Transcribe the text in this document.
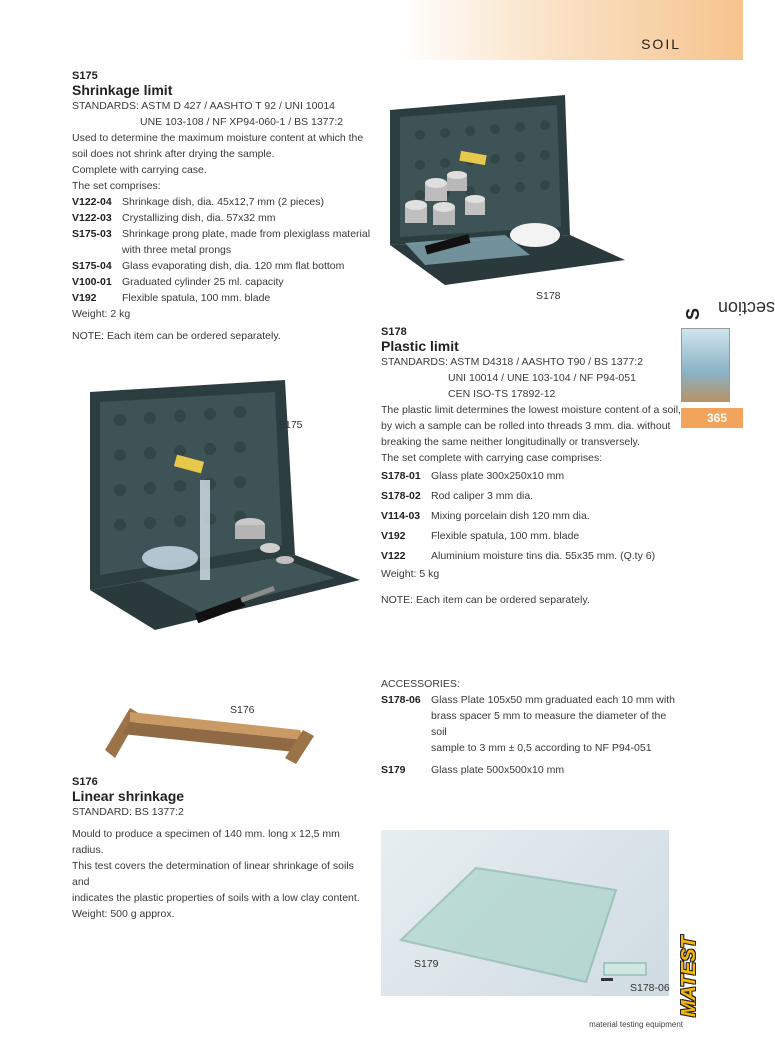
SOIL
S175
Shrinkage limit
STANDARDS: ASTM D 427 / AASHTO T 92 / UNI 10014
UNE 103-108 / NF XP94-060-1 / BS 1377:2
Used to determine the maximum moisture content at which the
soil does not shrink after drying the sample.
Complete with carrying case.
The set comprises:
V122-04 Shrinkage dish, dia. 45x12,7 mm (2 pieces)
V122-03 Crystallizing dish, dia. 57x32 mm
S175-03 Shrinkage prong plate, made from plexiglass material
with three metal prongs
S175-04 Glass evaporating dish, dia. 120 mm flat bottom
V100-01 Graduated cylinder 25 ml. capacity
V192	Flexible spatula, 100 mm. blade
Weight: 2 kg
NOTE: Each item can be ordered separately.
S175
S176
S176
Linear shrinkage
STANDARD: BS 1377:2
Mould to produce a specimen of 140 mm. long x 12,5 mm radius.
This test covers the determination of linear shrinkage of soils and
indicates the plastic properties of soils with a low clay content.
Weight: 500 g approx.
S178
S178
Plastic limit
STANDARDS: ASTM D4318 / AASHTO T90 / BS 1377:2
UNI 10014 / UNE 103-104 / NF P94-051
CEN ISO-TS 17892-12
The plastic limit determines the lowest moisture content of a soil,
by wich a sample can be rolled into threads 3 mm. dia. without
breaking the same neither longitudinally or transversely.
The set complete with carrying case comprises:
S178-01 Glass plate 300x250x10 mm
S178-02 Rod caliper 3 mm dia.
V114-03	Mixing porcelain dish 120 mm dia.
V192	Flexible spatula, 100 mm. blade
V122	Aluminium moisture tins dia. 55x35 mm. (Q.ty 6)
Weight: 5 kg
NOTE: Each item can be ordered separately.
ACCESSORIES:
S178-06 Glass Plate 105x50 mm graduated each 10 mm with
brass spacer 5 mm to measure the diameter of the soil
sample to 3 mm ± 0,5 according to NF P94-051
S179	Glass plate 500x500x10 mm
S179
S178-06
section
S
365
MATEST
material testing equipment
